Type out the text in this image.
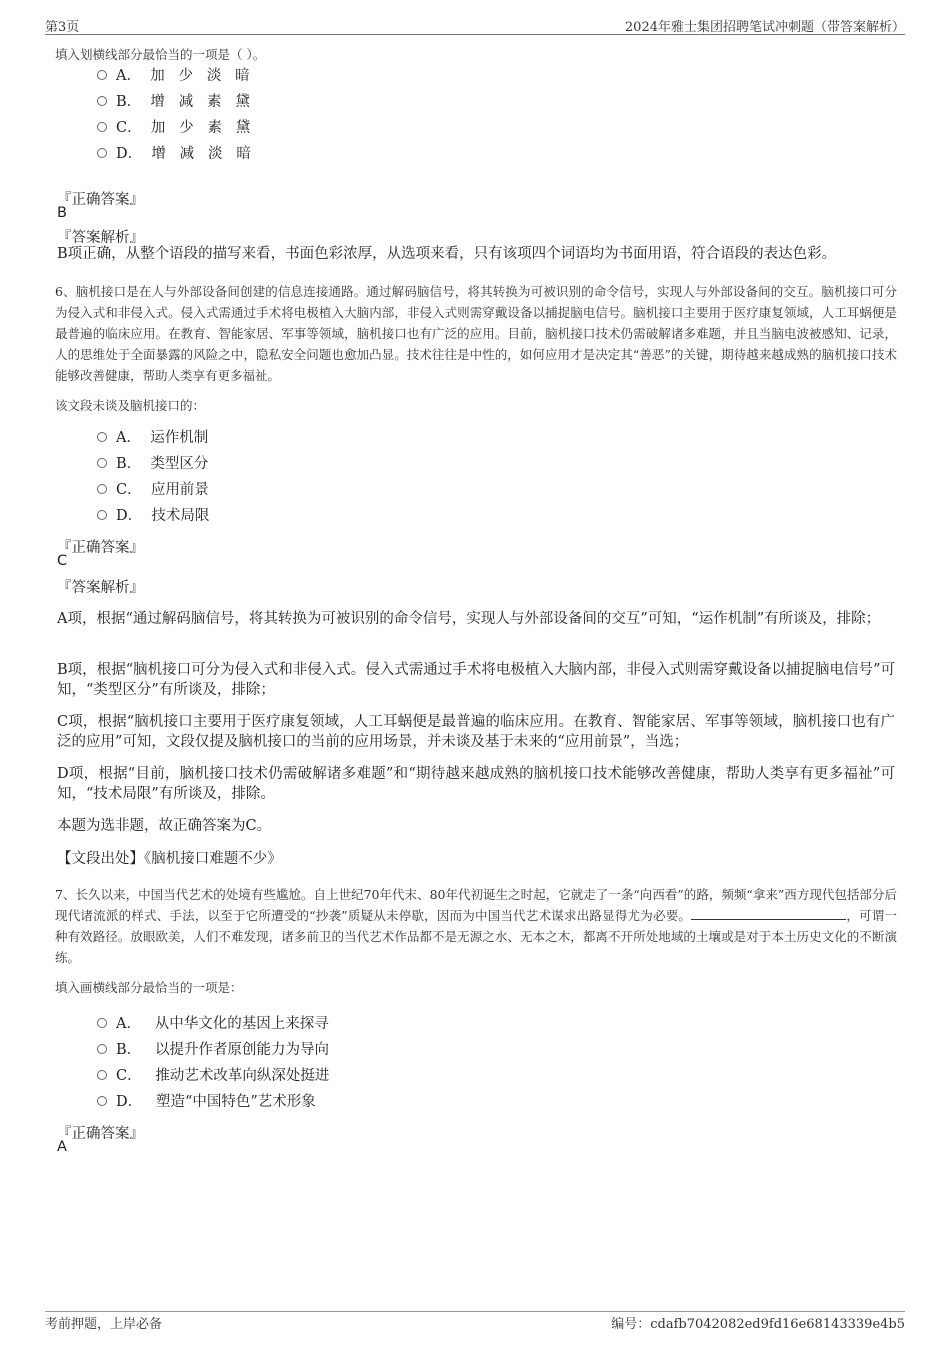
第3页	2024年雅士集团招聘笔试冲刺题（带答案解析）
填入划横线部分最恰当的一项是（ ）。
A．  加   少   淡   暗
B．  增   减   素   黛
C．  加   少   素   黛
D．  增   减   淡   暗
『正确答案』
B
『答案解析』
B项正确，从整个语段的描写来看，书面色彩浓厚，从选项来看，只有该项四个词语均为书面用语，符合语段的表达色彩。
6、脑机接口是在人与外部设备间创建的信息连接通路。通过解码脑信号，将其转换为可被识别的命令信号，实现人与外部设备间的交互。脑机接口可分为侵入式和非侵入式。侵入式需通过手术将电极植入大脑内部，非侵入式则需穿戴设备以捕捉脑电信号。脑机接口主要用于医疗康复领域，人工耳蜗便是最普遍的临床应用。在教育、智能家居、军事等领域，脑机接口也有广泛的应用。目前，脑机接口技术仍需破解诸多难题，并且当脑电波被感知、记录，人的思维处于全面暴露的风险之中，隐私安全问题也愈加凸显。技术往往是中性的，如何应用才是决定其“善恶”的关键，期待越来越成熟的脑机接口技术能够改善健康，帮助人类享有更多福祉。
该文段未谈及脑机接口的：
A．  运作机制
B．  类型区分
C．  应用前景
D．  技术局限
『正确答案』
C
『答案解析』
A项，根据“通过解码脑信号，将其转换为可被识别的命令信号，实现人与外部设备间的交互”可知，“运作机制”有所谈及，排除；
B项，根据“脑机接口可分为侵入式和非侵入式。侵入式需通过手术将电极植入大脑内部，非侵入式则需穿戴设备以捕捉脑电信号”可知，“类型区分”有所谈及，排除；
C项，根据“脑机接口主要用于医疗康复领域，人工耳蜗便是最普遍的临床应用。在教育、智能家居、军事等领域，脑机接口也有广泛的应用”可知，文段仅提及脑机接口的当前的应用场景，并未谈及基于未来的“应用前景”，当选；
D项，根据“目前，脑机接口技术仍需破解诸多难题”和“期待越来越成熟的脑机接口技术能够改善健康，帮助人类享有更多福祉”可知，“技术局限”有所谈及，排除。
本题为选非题，故正确答案为C。
【文段出处】《脑机接口难题不少》
7、长久以来，中国当代艺术的处境有些尴尬。自上世纪70年代末、80年代初诞生之时起，它就走了一条“向西看”的路，频频“拿来”西方现代包括部分后现代诸流派的样式、手法，以至于它所遭受的“抄袭”质疑从未停歇，因而为中国当代艺术谋求出路显得尤为必要。	，可谓一种有效路径。放眼欧美，人们不难发现，诸多前卫的当代艺术作品都不是无源之水、无本之木，都离不开所处地域的土壤或是对于本土历史文化的不断演练。
填入画横线部分最恰当的一项是：
A．   从中华文化的基因上来探寻
B．   以提升作者原创能力为导向
C．   推动艺术改革向纵深处挺进
D．   塑造“中国特色”艺术形象
『正确答案』
A
考前押题，上岸必备	编号：cdafb7042082ed9fd16e68143339e4b5
